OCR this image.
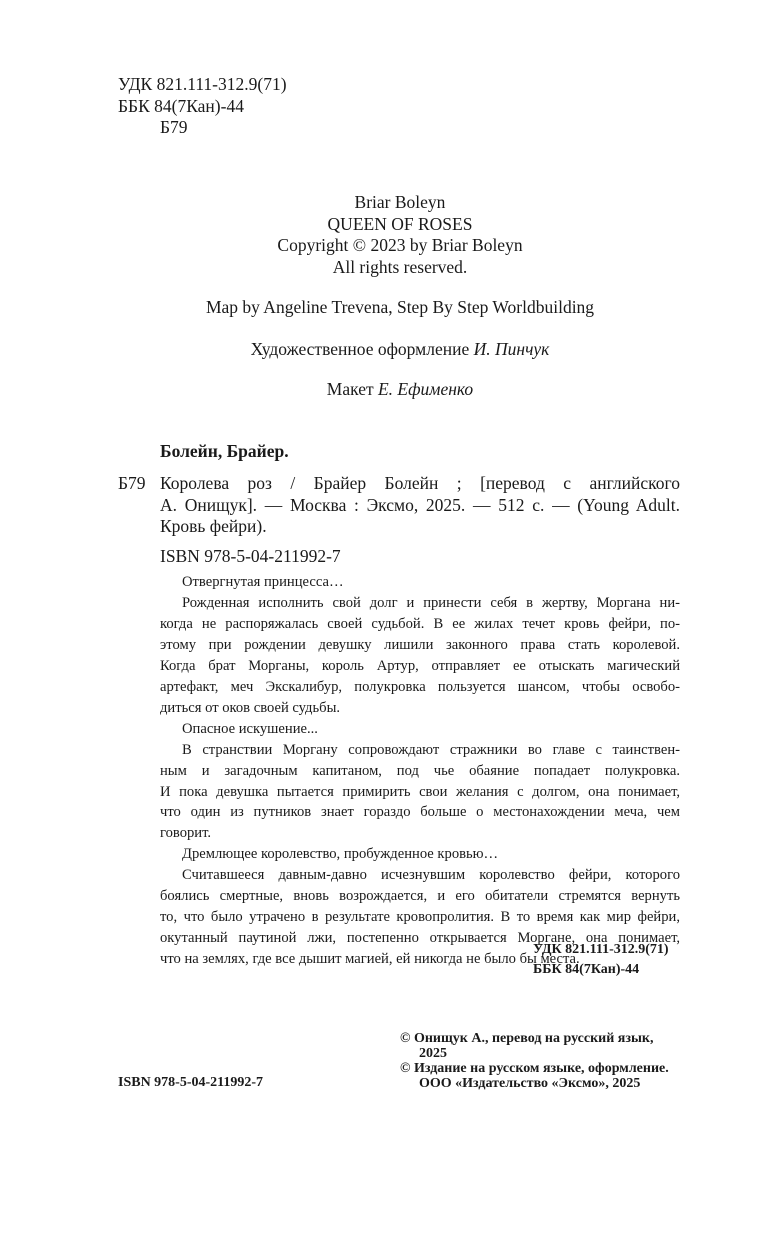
УДК 821.111-312.9(71)
ББК 84(7Кан)-44
Б79
Briar Boleyn
QUEEN OF ROSES
Copyright © 2023 by Briar Boleyn
All rights reserved.
Map by Angeline Trevena, Step By Step Worldbuilding
Художественное оформление И. Пинчук
Макет Е. Ефименко
Болейн, Брайер.
Б79 Королева роз / Брайер Болейн ; [перевод с английского
А. Онищук]. — Москва : Эксмо, 2025. — 512 с. — (Young Adult.
Кровь фейри).
ISBN 978-5-04-211992-7
Отвергнутая принцесса…
Рожденная исполнить свой долг и принести себя в жертву, Моргана ни-
когда не распоряжалась своей судьбой. В ее жилах течет кровь фейри, по-
этому при рождении девушку лишили законного права стать королевой.
Когда брат Морганы, король Артур, отправляет ее отыскать магический
артефакт, меч Экскалибур, полукровка пользуется шансом, чтобы освобо-
диться от оков своей судьбы.
Опасное искушение...
В странствии Моргану сопровождают стражники во главе с таинствен-
ным и загадочным капитаном, под чье обаяние попадает полукровка.
И пока девушка пытается примирить свои желания с долгом, она понимает,
что один из путников знает гораздо больше о местонахождении меча, чем
говорит.
Дремлющее королевство, пробужденное кровью…
Считавшееся давным-давно исчезнувшим королевство фейри, которого
боялись смертные, вновь возрождается, и его обитатели стремятся вернуть
то, что было утрачено в результате кровопролития. В то время как мир фейри,
окутанный паутиной лжи, постепенно открывается Моргане, она понимает,
что на землях, где все дышит магией, ей никогда не было бы места.
УДК 821.111-312.9(71)
ББК 84(7Кан)-44
© Онищук А., перевод на русский язык,
2025
© Издание на русском языке, оформление.
ООО «Издательство «Эксмо», 2025
ISBN 978-5-04-211992-7
